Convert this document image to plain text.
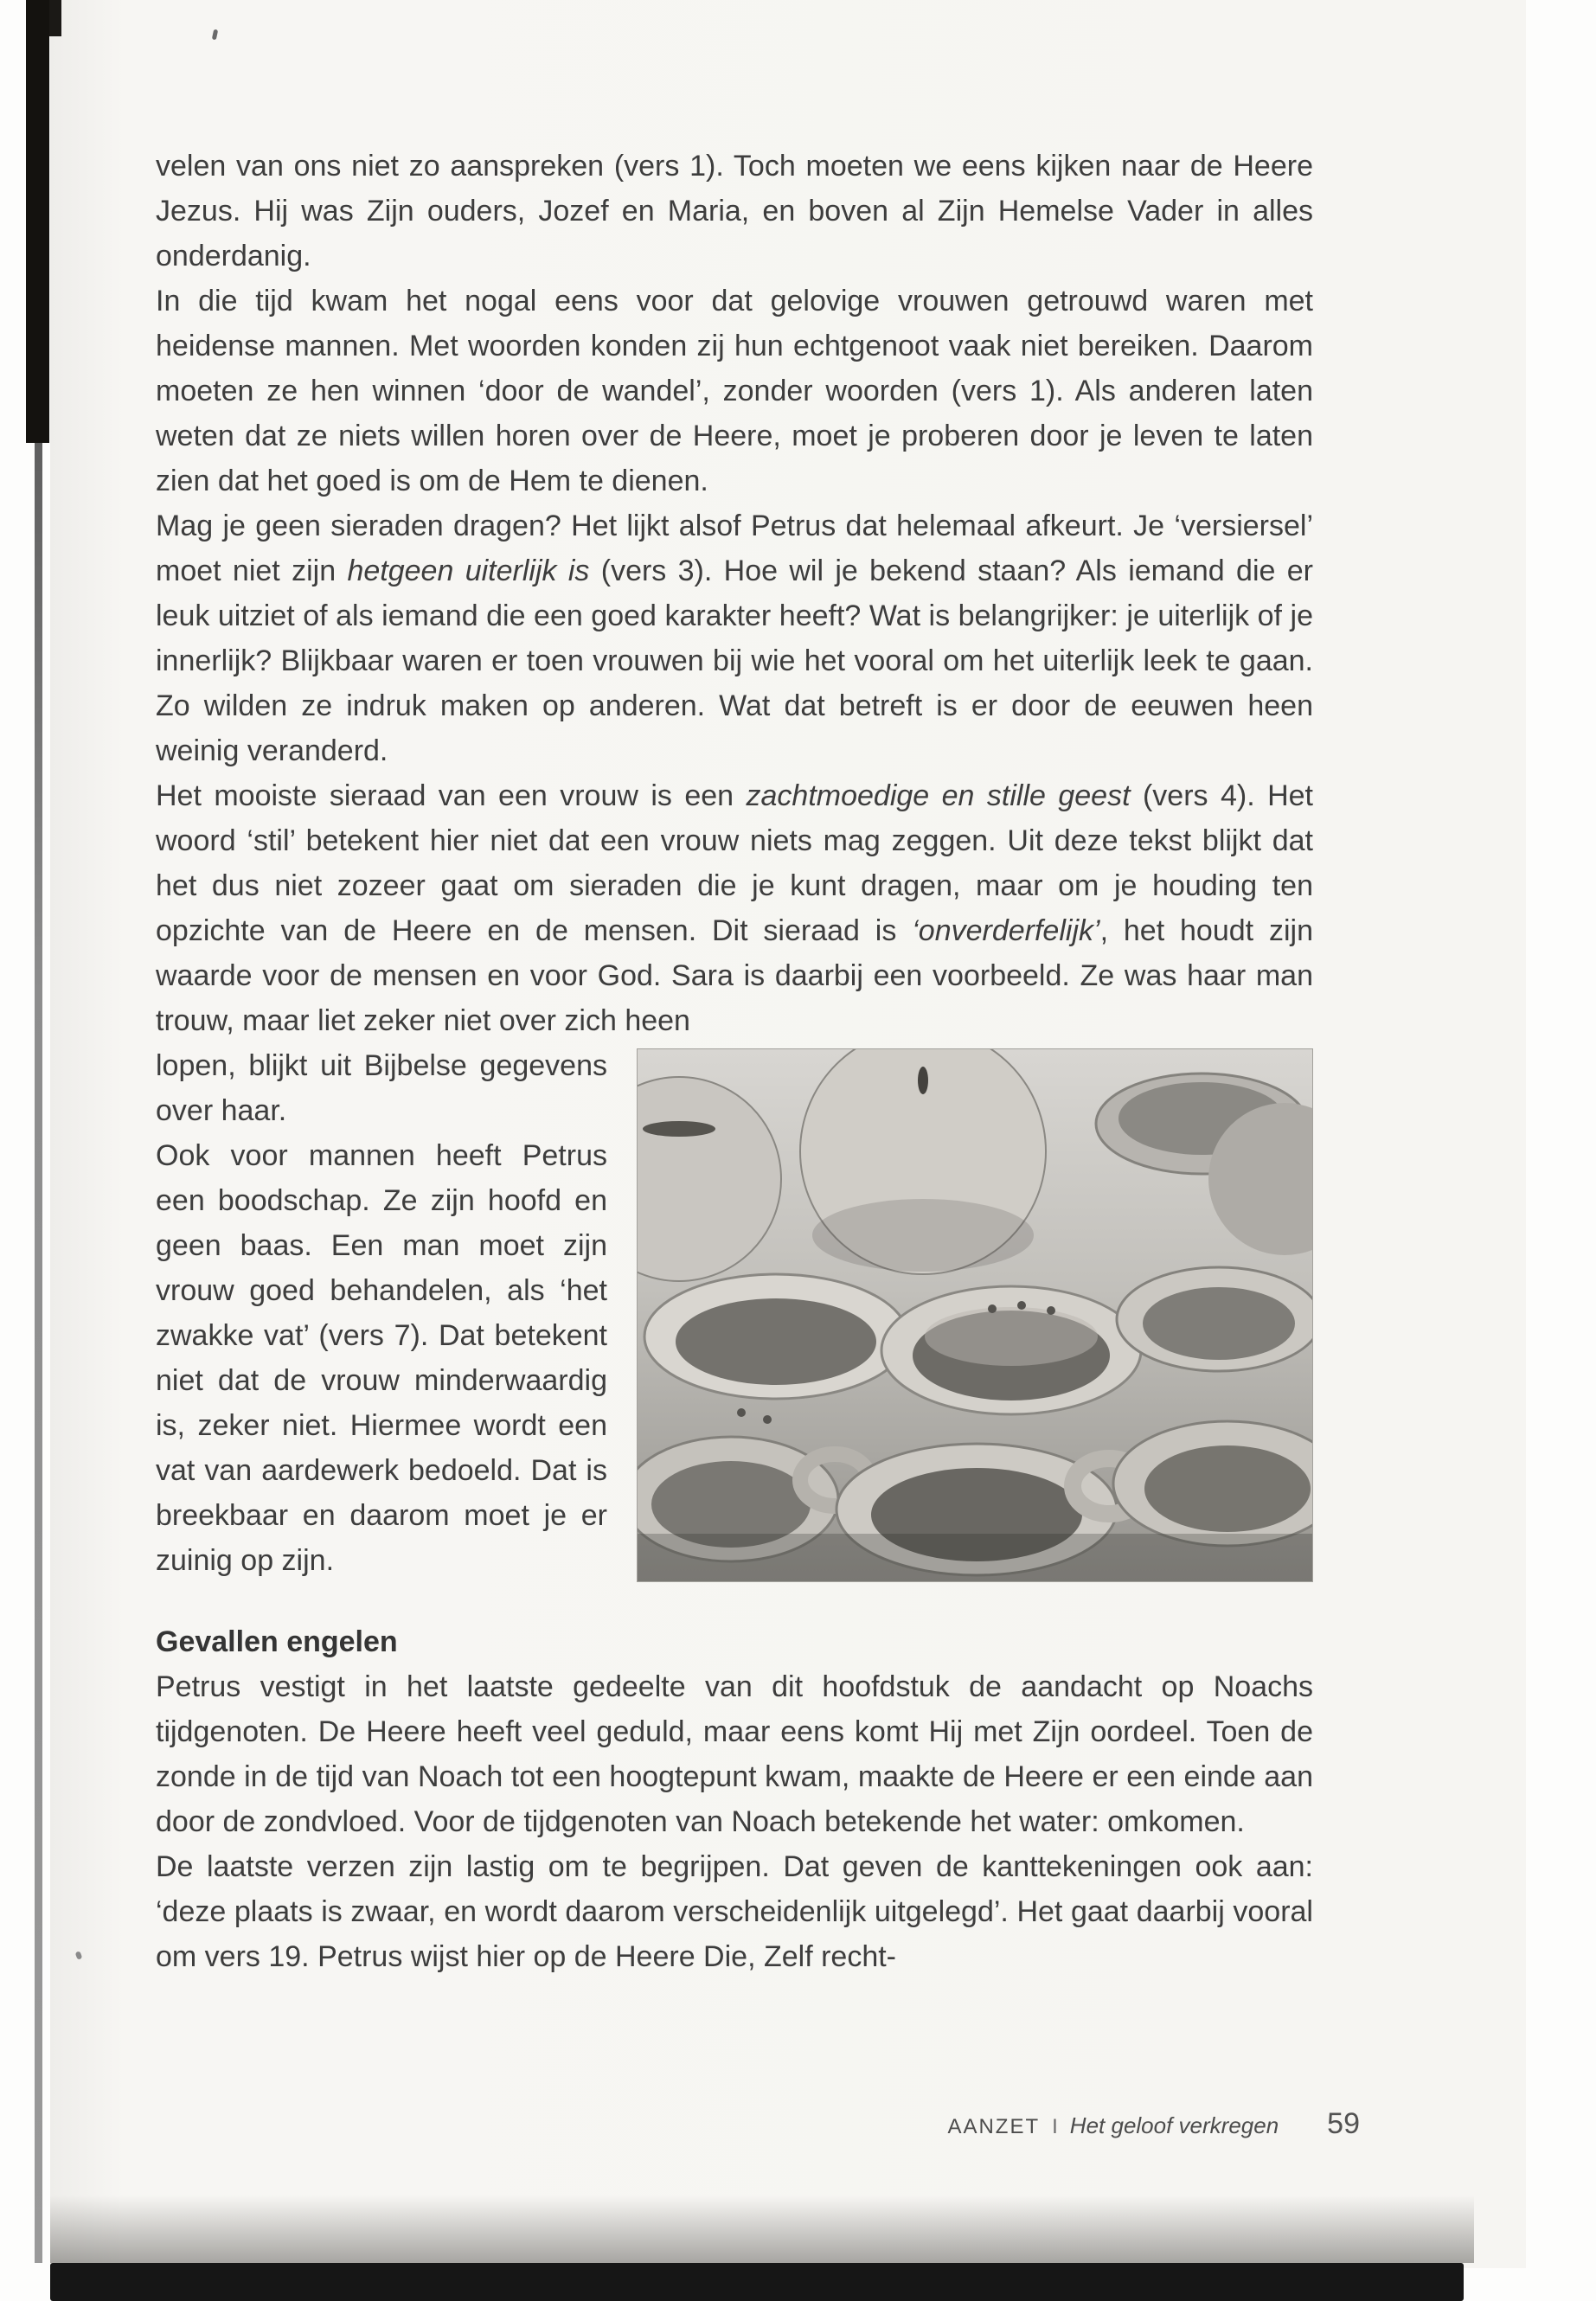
velen van ons niet zo aanspreken (vers 1). Toch moeten we eens kijken naar de Heere Jezus. Hij was Zijn ouders, Jozef en Maria, en boven al Zijn Hemelse Vader in alles onderdanig.

In die tijd kwam het nogal eens voor dat gelovige vrouwen getrouwd waren met heidense mannen. Met woorden konden zij hun echtgenoot vaak niet bereiken. Daarom moeten ze hen winnen ‘door de wandel’, zonder woorden (vers 1). Als anderen laten weten dat ze niets willen horen over de Heere, moet je proberen door je leven te laten zien dat het goed is om de Hem te dienen.

Mag je geen sieraden dragen? Het lijkt alsof Petrus dat helemaal afkeurt. Je ‘versiersel’ moet niet zijn hetgeen uiterlijk is (vers 3). Hoe wil je bekend staan? Als iemand die er leuk uitziet of als iemand die een goed karakter heeft? Wat is belangrijker: je uiterlijk of je innerlijk? Blijkbaar waren er toen vrouwen bij wie het vooral om het uiterlijk leek te gaan. Zo wilden ze indruk maken op anderen. Wat dat betreft is er door de eeuwen heen weinig veranderd.

Het mooiste sieraad van een vrouw is een zachtmoedige en stille geest (vers 4). Het woord ‘stil’ betekent hier niet dat een vrouw niets mag zeggen. Uit deze tekst blijkt dat het dus niet zozeer gaat om sieraden die je kunt dragen, maar om je houding ten opzichte van de Heere en de mensen. Dit sieraad is ‘onverderfelijk’, het houdt zijn waarde voor de mensen en voor God. Sara is daarbij een voorbeeld. Ze was haar man trouw, maar liet zeker niet over zich heen

lopen, blijkt uit Bijbelse gegevens over haar.

Ook voor mannen heeft Petrus een boodschap. Ze zijn hoofd en geen baas. Een man moet zijn vrouw goed behandelen, als ‘het zwakke vat’ (vers 7). Dat betekent niet dat de vrouw minderwaardig is, zeker niet. Hiermee wordt een vat van aardewerk bedoeld. Dat is breekbaar en daarom moet je er zuinig op zijn.

Gevallen engelen

Petrus vestigt in het laatste gedeelte van dit hoofdstuk de aandacht op Noachs tijdgenoten. De Heere heeft veel geduld, maar eens komt Hij met Zijn oordeel. Toen de zonde in de tijd van Noach tot een hoogtepunt kwam, maakte de Heere er een einde aan door de zondvloed. Voor de tijdgenoten van Noach betekende het water: omkomen.

De laatste verzen zijn lastig om te begrijpen. Dat geven de kanttekeningen ook aan: ‘deze plaats is zwaar, en wordt daarom verscheidenlijk uitgelegd’. Het gaat daarbij vooral om vers 19. Petrus wijst hier op de Heere Die, Zelf recht-

AANZET I Het geloof verkregen 59
